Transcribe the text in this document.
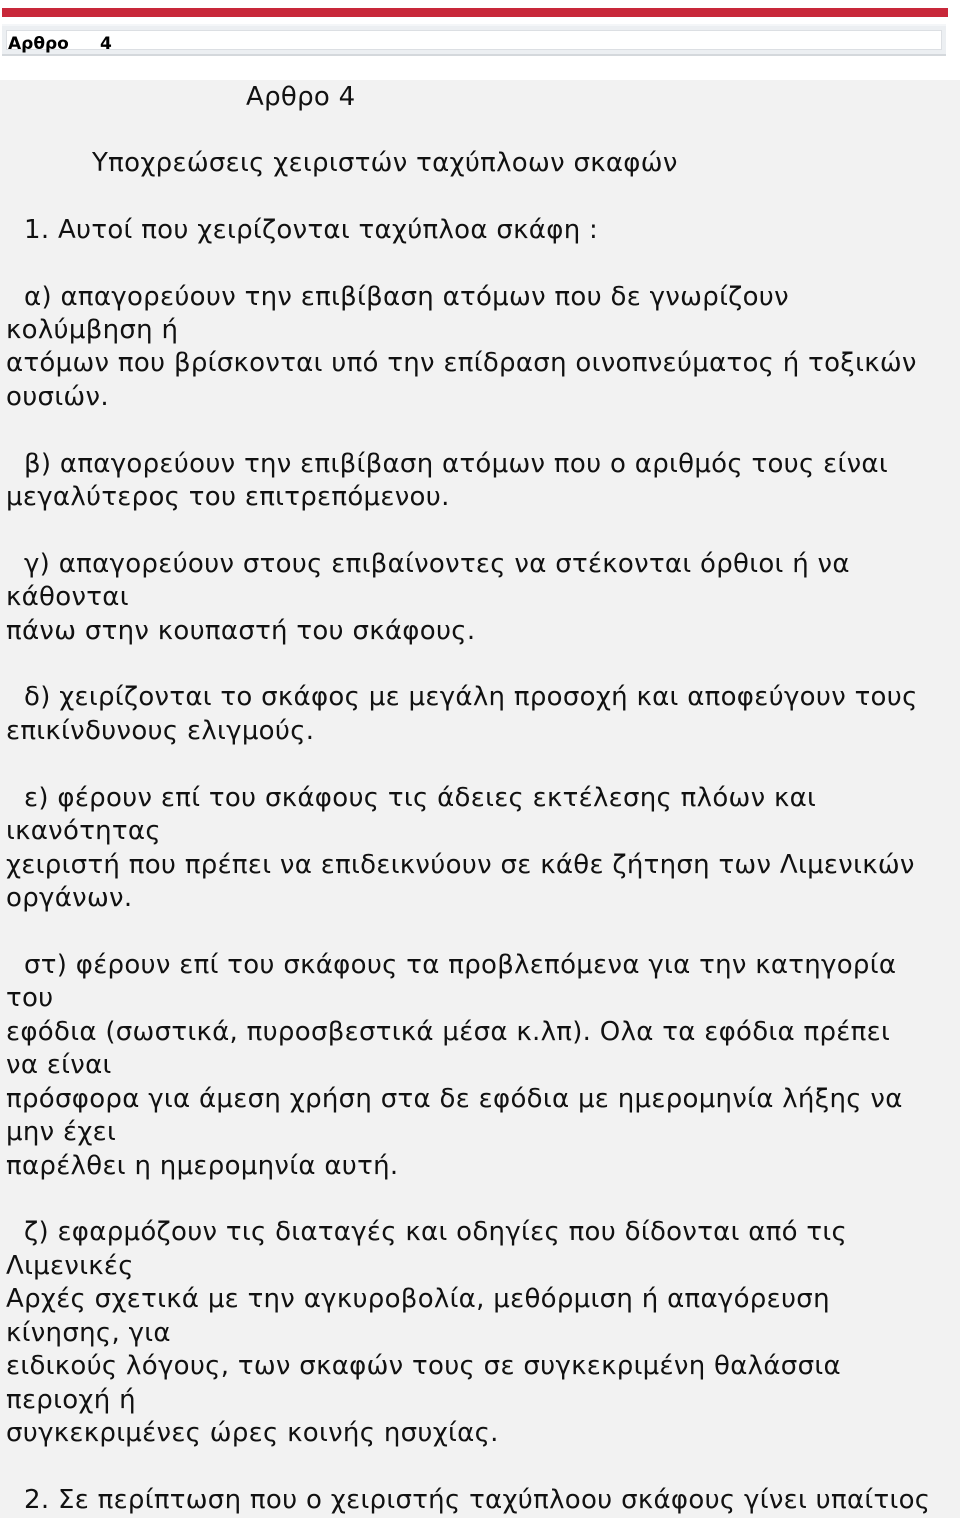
Αρθρο 4

Αρθρο 4

Υποχρεώσεις χειριστών ταχύπλοων σκαφών

1. Αυτοί που χειρίζονται ταχύπλοα σκάφη :

α) απαγορεύουν την επιβίβαση ατόμων που δε γνωρίζουν

κολύμβηση ή

ατόμων που βρίσκονται υπό την επίδραση οινοπνεύματος ή τοξικών

ουσιών.

β) απαγορεύουν την επιβίβαση ατόμων που ο αριθμός τους είναι

μεγαλύτερος του επιτρεπόμενου.

γ) απαγορεύουν στους επιβαίνοντες να στέκονται όρθιοι ή να

κάθονται

πάνω στην κουπαστή του σκάφους.

δ) χειρίζονται το σκάφος με μεγάλη προσοχή και αποφεύγουν τους

επικίνδυνους ελιγμούς.

ε) φέρουν επί του σκάφους τις άδειες εκτέλεσης πλόων και

ικανότητας

χειριστή που πρέπει να επιδεικνύουν σε κάθε ζήτηση των Λιμενικών

οργάνων.

στ) φέρουν επί του σκάφους τα προβλεπόμενα για την κατηγορία

του

εφόδια (σωστικά, πυροσβεστικά μέσα κ.λπ). Ολα τα εφόδια πρέπει

να είναι

πρόσφορα για άμεση χρήση στα δε εφόδια με ημερομηνία λήξης να

μην έχει

παρέλθει η ημερομηνία αυτή.

ζ) εφαρμόζουν τις διαταγές και οδηγίες που δίδονται από τις

Λιμενικές

Αρχές σχετικά με την αγκυροβολία, μεθόρμιση ή απαγόρευση

κίνησης, για

ειδικούς λόγους, των σκαφών τους σε συγκεκριμένη θαλάσσια

περιοχή ή

συγκεκριμένες ώρες κοινής ησυχίας.

2. Σε περίπτωση που ο χειριστής ταχύπλοου σκάφους γίνει υπαίτιος
